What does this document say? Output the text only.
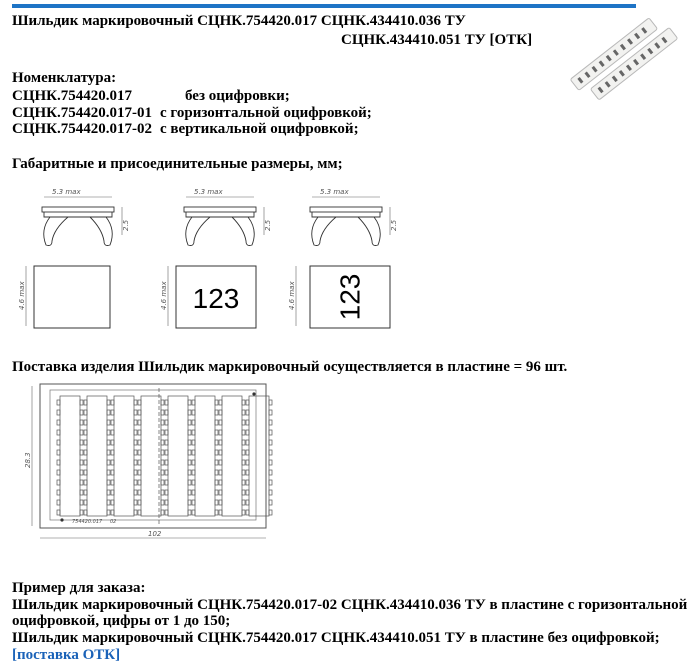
Шильдик маркировочный СЦНК.754420.017 СЦНК.434410.036 ТУ
СЦНК.434410.051 ТУ [ОТК]
Номенклатура:
СЦНК.754420.017	без оцифровки;
СЦНК.754420.017-01 с горизонтальной оцифровкой;
СЦНК.754420.017-02 с вертикальной оцифровкой;
Габаритные и присоединительные размеры, мм;
5.3 max
2.5
5.3 max
2.5
5.3 max
2.5
4.6 max	4.6 max 123	4.6 max 123
Поставка изделия Шильдик маркировочный осуществляется в пластине = 96 шт.
28.3
754420.017 02
102
Пример для заказа:
Шильдик маркировочный СЦНК.754420.017-02 СЦНК.434410.036 ТУ в пластине с горизонтальной
оцифровкой, цифры от 1 до 150;
Шильдик маркировочный СЦНК.754420.017 СЦНК.434410.051 ТУ в пластине без оцифровкой;
[поставка ОТК]
